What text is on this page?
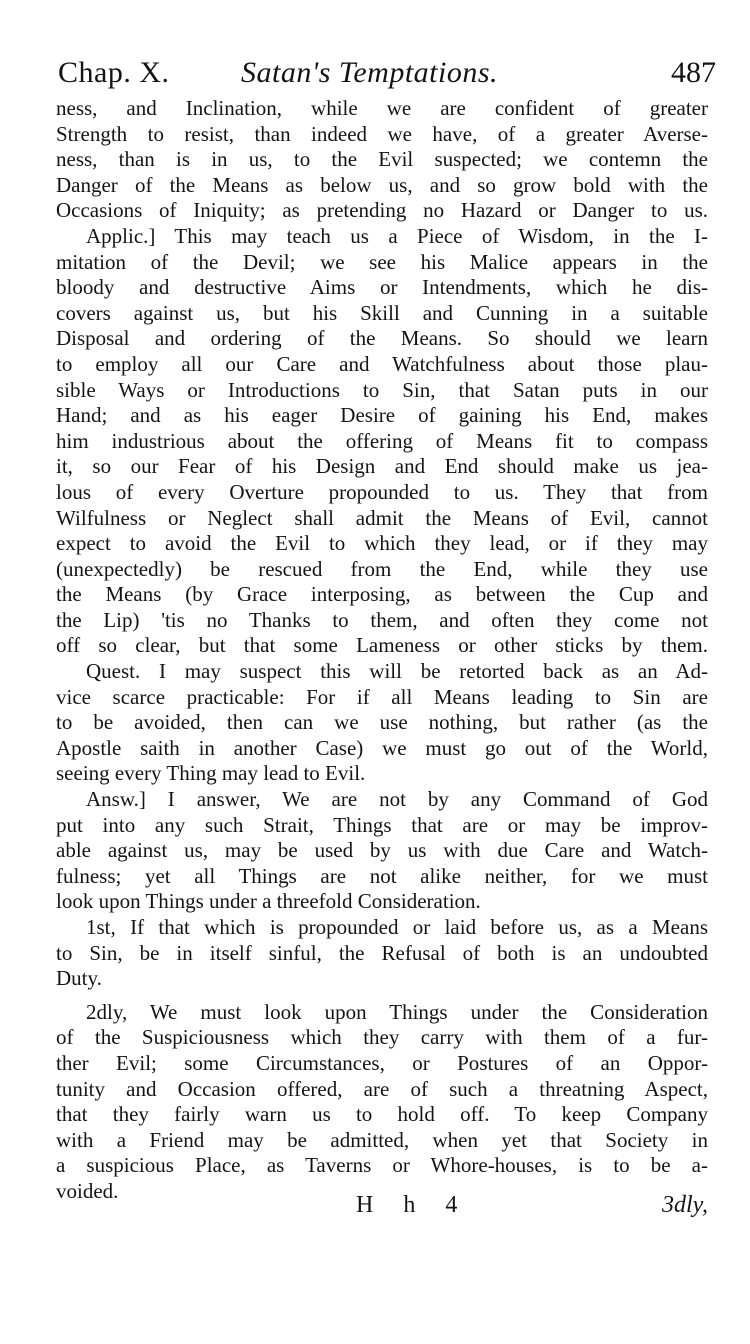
Chap. X. Satan's Temptations.	487
ness, and Inclination, while we are confident of greater
Strength to resist, than indeed we have, of a greater Averse-
ness, than is in us, to the Evil suspected; we contemn the
Danger of the Means as below us, and so grow bold with the
Occasions of Iniquity; as pretending no Hazard or Danger to us.
Applic.] This may teach us a Piece of Wisdom, in the I-
mitation of the Devil; we see his Malice appears in the
bloody and destructive Aims or Intendments, which he dis-
covers against us, but his Skill and Cunning in a suitable
Disposal and ordering of the Means. So should we learn
to employ all our Care and Watchfulness about those plau-
sible Ways or Introductions to Sin, that Satan puts in our
Hand; and as his eager Desire of gaining his End, makes
him industrious about the offering of Means fit to compass
it, so our Fear of his Design and End should make us jea-
lous of every Overture propounded to us. They that from
Wilfulness or Neglect shall admit the Means of Evil, cannot
expect to avoid the Evil to which they lead, or if they may
(unexpectedly) be rescued from the End, while they use
the Means (by Grace interposing, as between the Cup and
the Lip) 'tis no Thanks to them, and often they come not
off so clear, but that some Lameness or other sticks by them.
Quest. I may suspect this will be retorted back as an Ad-
vice scarce practicable: For if all Means leading to Sin are
to be avoided, then can we use nothing, but rather (as the
Apostle saith in another Case) we must go out of the World,
seeing every Thing may lead to Evil.
Answ.] I answer, We are not by any Command of God
put into any such Strait, Things that are or may be improv-
able against us, may be used by us with due Care and Watch-
fulness; yet all Things are not alike neither, for we must
look upon Things under a threefold Consideration.
1st, If that which is propounded or laid before us, as a Means
to Sin, be in itself sinful, the Refusal of both is an undoubted
Duty.
2dly, We must look upon Things under the Consideration
of the Suspiciousness which they carry with them of a fur-
ther Evil; some Circumstances, or Postures of an Oppor-
tunity and Occasion offered, are of such a threatning Aspect,
that they fairly warn us to hold off. To keep Company
with a Friend may be admitted, when yet that Society in
a suspicious Place, as Taverns or Whore-houses, is to be a-
voided.
H h 4	3dly,
